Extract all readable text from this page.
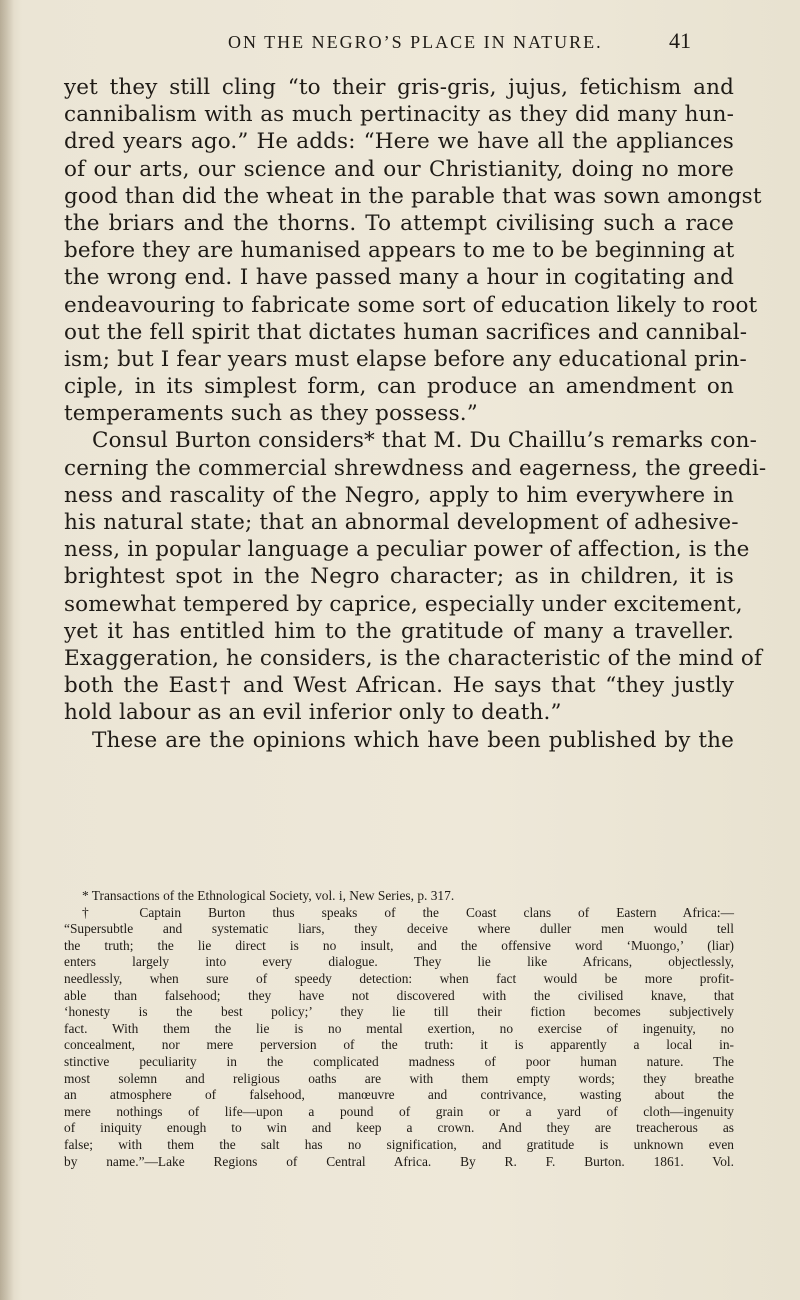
ON THE NEGRO’S PLACE IN NATURE.	41
yet they still cling “to their gris-gris, jujus, fetichism and
cannibalism with as much pertinacity as they did many hun-
dred years ago.” He adds: “Here we have all the appliances
of our arts, our science and our Christianity, doing no more
good than did the wheat in the parable that was sown amongst
the briars and the thorns. To attempt civilising such a race
before they are humanised appears to me to be beginning at
the wrong end. I have passed many a hour in cogitating and
endeavouring to fabricate some sort of education likely to root
out the fell spirit that dictates human sacrifices and cannibal-
ism; but I fear years must elapse before any educational prin-
ciple, in its simplest form, can produce an amendment on
temperaments such as they possess.”
Consul Burton considers* that M. Du Chaillu’s remarks con-
cerning the commercial shrewdness and eagerness, the greedi-
ness and rascality of the Negro, apply to him everywhere in
his natural state; that an abnormal development of adhesive-
ness, in popular language a peculiar power of affection, is the
brightest spot in the Negro character; as in children, it is
somewhat tempered by caprice, especially under excitement,
yet it has entitled him to the gratitude of many a traveller.
Exaggeration, he considers, is the characteristic of the mind of
both the East† and West African. He says that “they justly
hold labour as an evil inferior only to death.”
These are the opinions which have been published by the
* Transactions of the Ethnological Society, vol. i, New Series, p. 317.
† Captain Burton thus speaks of the Coast clans of Eastern Africa:—
“Supersubtle and systematic liars, they deceive where duller men would tell
the truth; the lie direct is no insult, and the offensive word ‘Muongo,’ (liar)
enters largely into every dialogue. They lie like Africans, objectlessly,
needlessly, when sure of speedy detection: when fact would be more profit-
able than falsehood; they have not discovered with the civilised knave, that
‘honesty is the best policy;’ they lie till their fiction becomes subjectively
fact. With them the lie is no mental exertion, no exercise of ingenuity, no
concealment, nor mere perversion of the truth: it is apparently a local in-
stinctive peculiarity in the complicated madness of poor human nature. The
most solemn and religious oaths are with them empty words; they breathe
an atmosphere of falsehood, manœuvre and contrivance, wasting about the
mere nothings of life—upon a pound of grain or a yard of cloth—ingenuity
of iniquity enough to win and keep a crown. And they are treacherous as
false; with them the salt has no signification, and gratitude is unknown even
by name.”—Lake Regions of Central Africa. By R. F. Burton. 1861. Vol.
